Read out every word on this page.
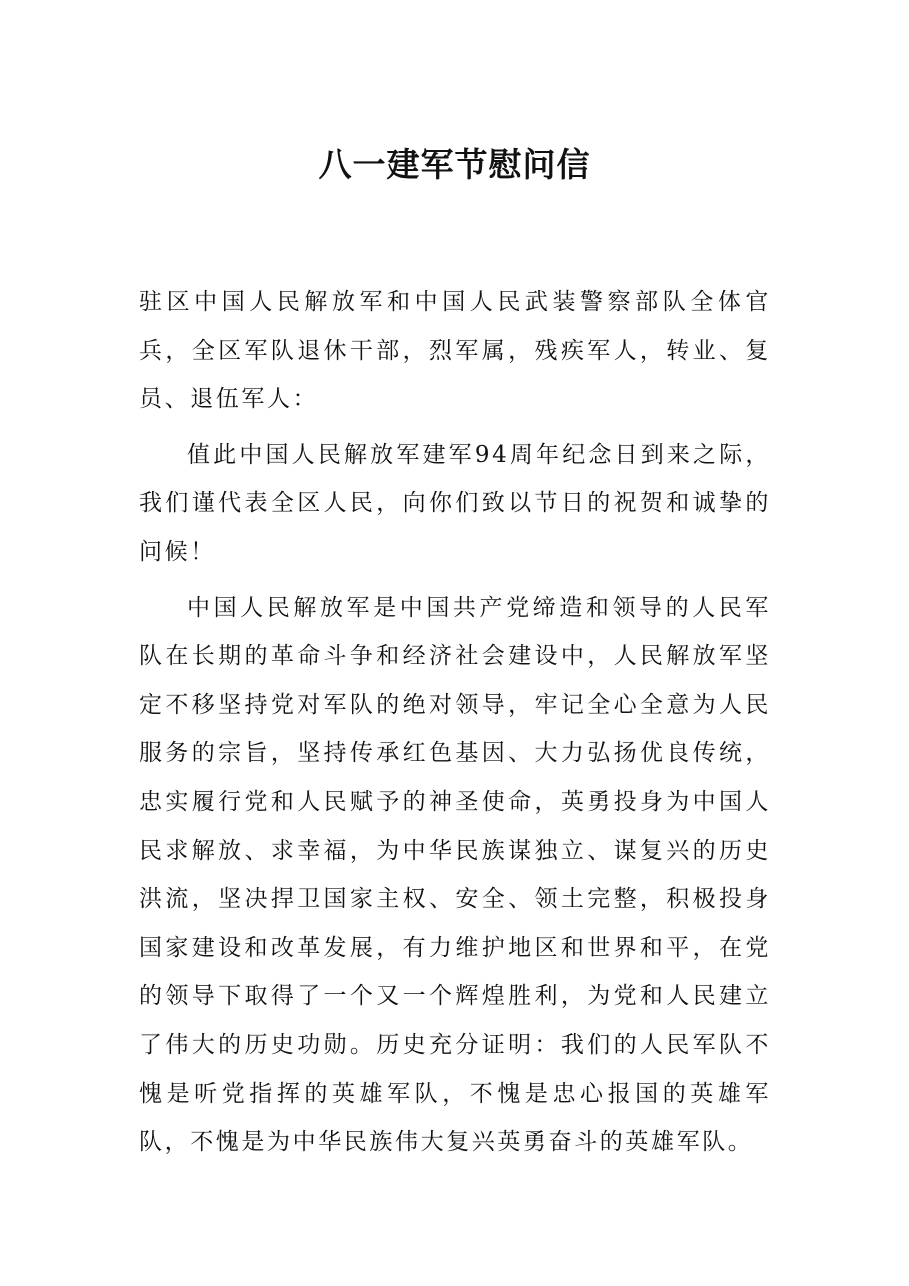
八一建军节慰问信

驻区中国人民解放军和中国人民武装警察部队全体官兵，全区军队退休干部，烈军属，残疾军人，转业、复员、退伍军人：

值此中国人民解放军建军94周年纪念日到来之际，我们谨代表全区人民，向你们致以节日的祝贺和诚挚的问候！

中国人民解放军是中国共产党缔造和领导的人民军队在长期的革命斗争和经济社会建设中，人民解放军坚定不移坚持党对军队的绝对领导，牢记全心全意为人民服务的宗旨，坚持传承红色基因、大力弘扬优良传统，忠实履行党和人民赋予的神圣使命，英勇投身为中国人民求解放、求幸福，为中华民族谋独立、谋复兴的历史洪流，坚决捍卫国家主权、安全、领土完整，积极投身国家建设和改革发展，有力维护地区和世界和平，在党的领导下取得了一个又一个辉煌胜利，为党和人民建立了伟大的历史功勋。历史充分证明：我们的人民军队不愧是听党指挥的英雄军队，不愧是忠心报国的英雄军队，不愧是为中华民族伟大复兴英勇奋斗的英雄军队。
